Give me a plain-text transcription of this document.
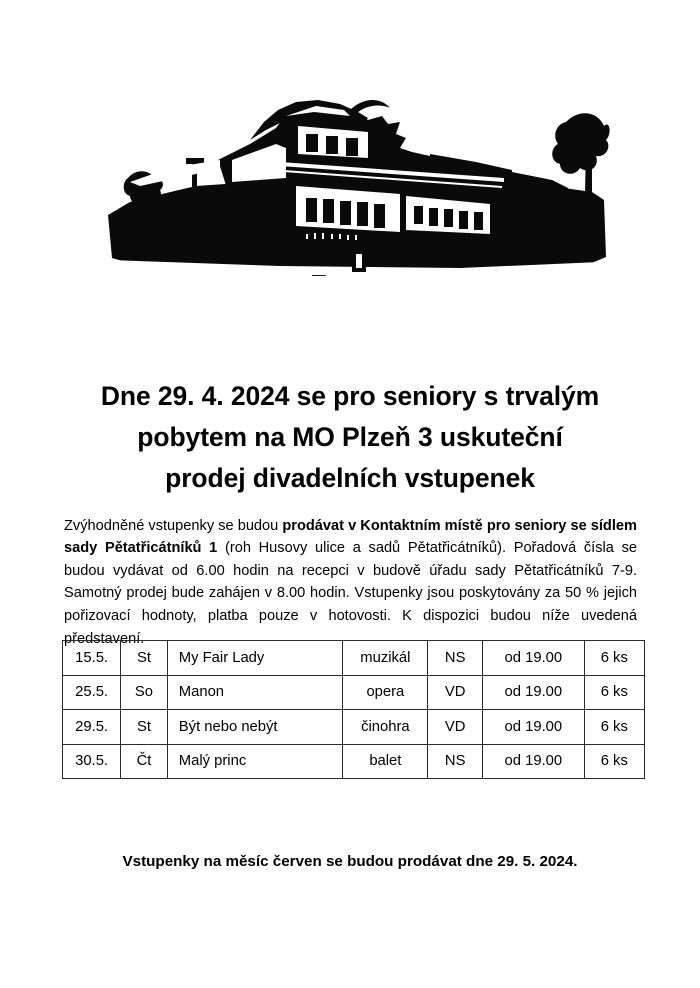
Dne 29. 4. 2024 se pro seniory s trvalým
pobytem na MO Plzeň 3 uskuteční
prodej divadelních vstupenek

Zvýhodněné vstupenky se budou prodávat v Kontaktním místě pro seniory se sídlem sady Pětatřicátníků 1 (roh Husovy ulice a sadů Pětatřicátníků). Pořadová čísla se budou vydávat od 6.00 hodin na recepci v budově úřadu sady Pětatřicátníků 7-9. Samotný prodej bude zahájen v 8.00 hodin. Vstupenky jsou poskytovány za 50 % jejich pořizovací hodnoty, platba pouze v hotovosti. K dispozici budou níže uvedená představení.

15.5.	St	My Fair Lady	muzikál	NS	od 19.00	6 ks
25.5.	So	Manon	opera	VD	od 19.00	6 ks
29.5.	St	Být nebo nebýt	činohra	VD	od 19.00	6 ks
30.5.	Čt	Malý princ	balet	NS	od 19.00	6 ks

Vstupenky na měsíc červen se budou prodávat dne 29. 5. 2024.
